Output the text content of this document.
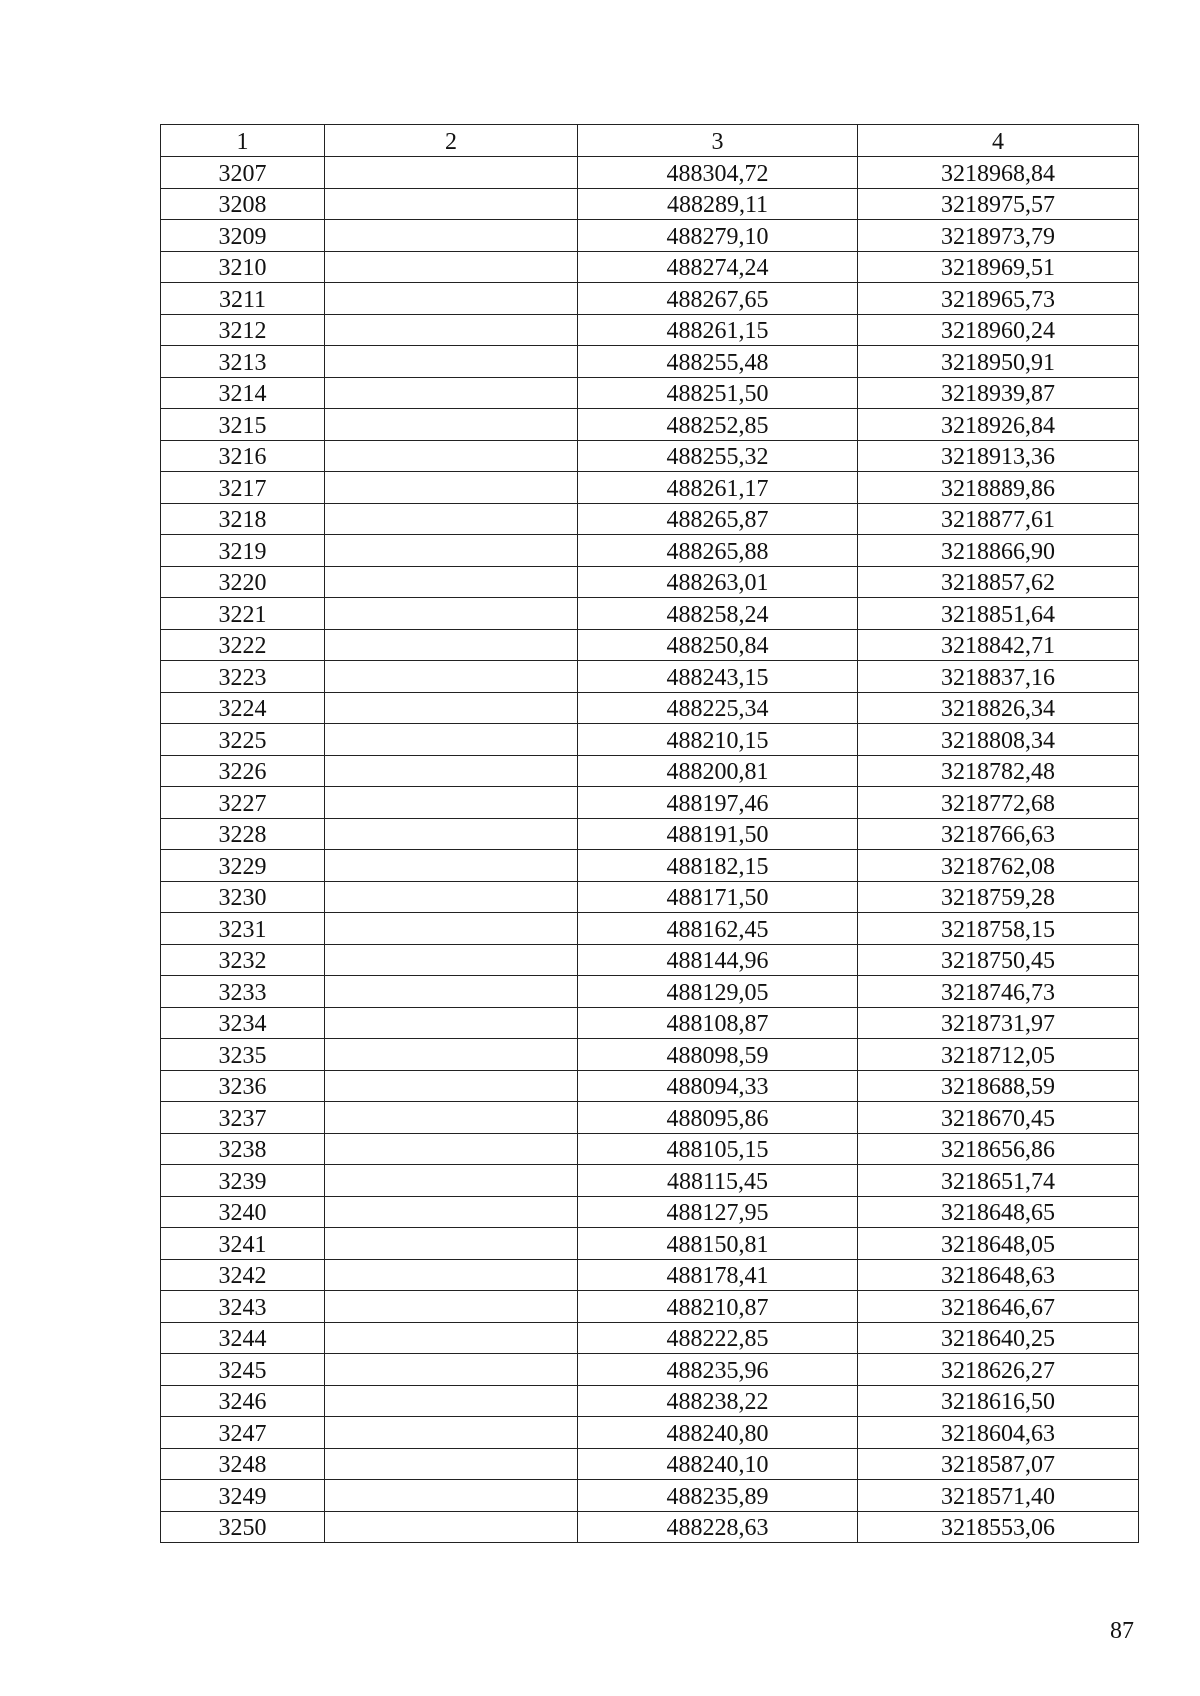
1	2	3	4
3207		488304,72	3218968,84
3208		488289,11	3218975,57
3209		488279,10	3218973,79
3210		488274,24	3218969,51
3211		488267,65	3218965,73
3212		488261,15	3218960,24
3213		488255,48	3218950,91
3214		488251,50	3218939,87
3215		488252,85	3218926,84
3216		488255,32	3218913,36
3217		488261,17	3218889,86
3218		488265,87	3218877,61
3219		488265,88	3218866,90
3220		488263,01	3218857,62
3221		488258,24	3218851,64
3222		488250,84	3218842,71
3223		488243,15	3218837,16
3224		488225,34	3218826,34
3225		488210,15	3218808,34
3226		488200,81	3218782,48
3227		488197,46	3218772,68
3228		488191,50	3218766,63
3229		488182,15	3218762,08
3230		488171,50	3218759,28
3231		488162,45	3218758,15
3232		488144,96	3218750,45
3233		488129,05	3218746,73
3234		488108,87	3218731,97
3235		488098,59	3218712,05
3236		488094,33	3218688,59
3237		488095,86	3218670,45
3238		488105,15	3218656,86
3239		488115,45	3218651,74
3240		488127,95	3218648,65
3241		488150,81	3218648,05
3242		488178,41	3218648,63
3243		488210,87	3218646,67
3244		488222,85	3218640,25
3245		488235,96	3218626,27
3246		488238,22	3218616,50
3247		488240,80	3218604,63
3248		488240,10	3218587,07
3249		488235,89	3218571,40
3250		488228,63	3218553,06
87
